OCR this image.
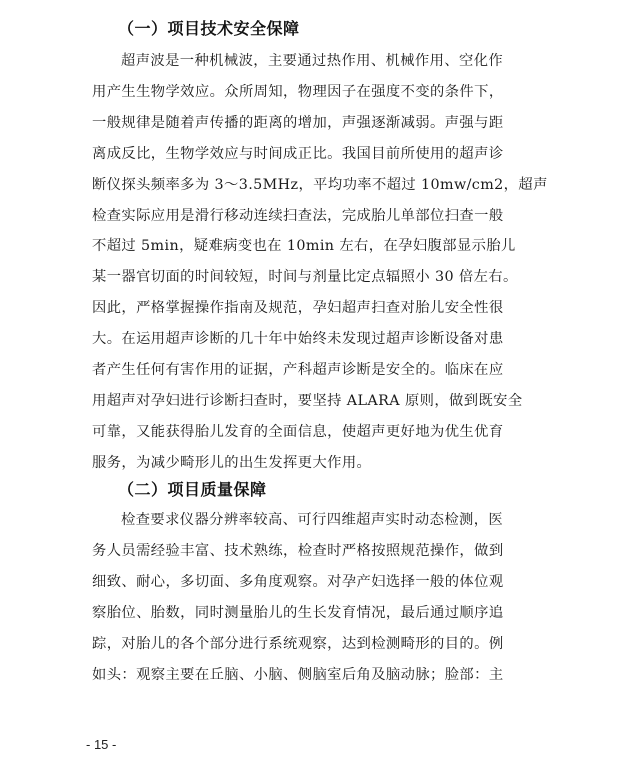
（一）项目技术安全保障
超声波是一种机械波，主要通过热作用、机械作用、空化作
用产生生物学效应。众所周知，物理因子在强度不变的条件下，
一般规律是随着声传播的距离的增加，声强逐渐减弱。声强与距
离成反比，生物学效应与时间成正比。我国目前所使用的超声诊
断仪探头频率多为 3～3.5MHz，平均功率不超过 10mw/cm2，超声
检查实际应用是滑行移动连续扫查法，完成胎儿单部位扫查一般
不超过 5min，疑难病变也在 10min 左右，在孕妇腹部显示胎儿
某一器官切面的时间较短，时间与剂量比定点辐照小 30 倍左右。
因此，严格掌握操作指南及规范，孕妇超声扫查对胎儿安全性很
大。在运用超声诊断的几十年中始终未发现过超声诊断设备对患
者产生任何有害作用的证据，产科超声诊断是安全的。临床在应
用超声对孕妇进行诊断扫查时，要坚持 ALARA 原则，做到既安全
可靠，又能获得胎儿发育的全面信息，使超声更好地为优生优育
服务，为减少畸形儿的出生发挥更大作用。
（二）项目质量保障
检查要求仪器分辨率较高、可行四维超声实时动态检测，医
务人员需经验丰富、技术熟练，检查时严格按照规范操作，做到
细致、耐心，多切面、多角度观察。对孕产妇选择一般的体位观
察胎位、胎数，同时测量胎儿的生长发育情况，最后通过顺序追
踪，对胎儿的各个部分进行系统观察，达到检测畸形的目的。例
如头：观察主要在丘脑、小脑、侧脑室后角及脑动脉；脸部：主
- 15 -
